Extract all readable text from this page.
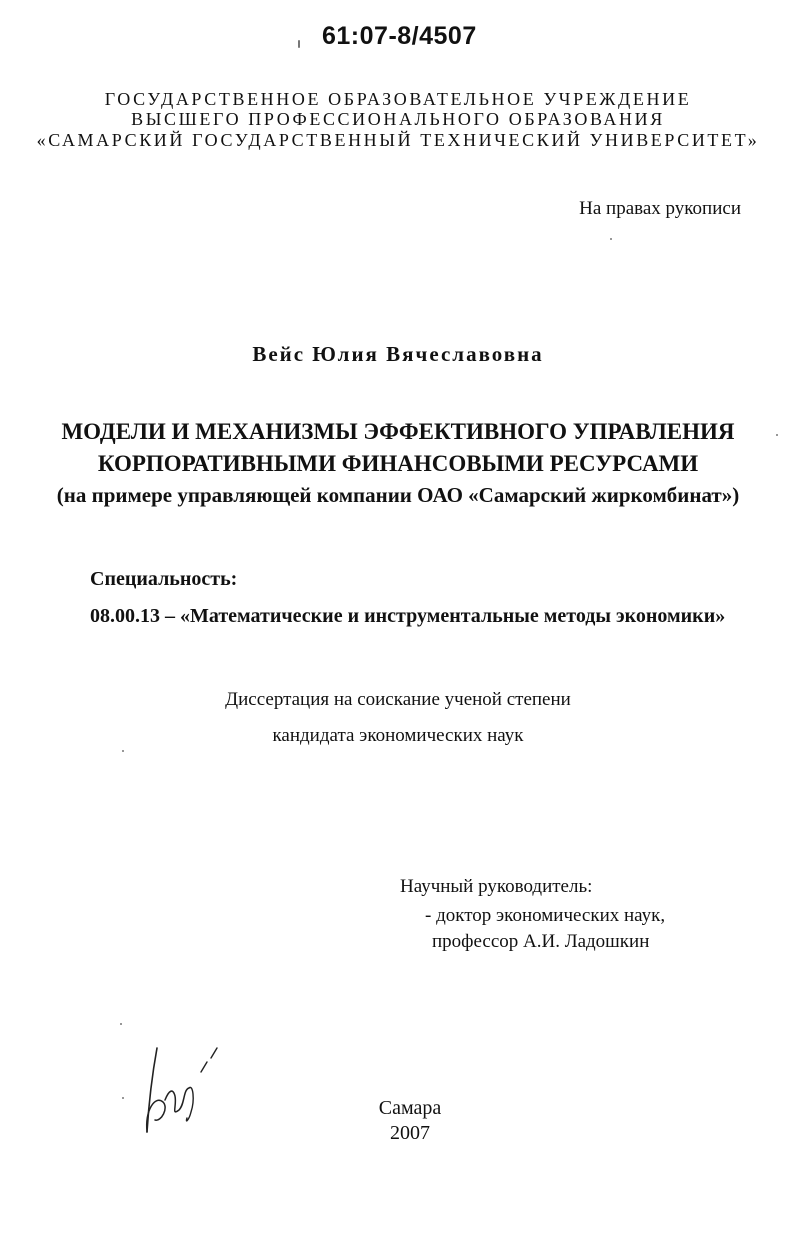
61:07-8/4507
ГОСУДАРСТВЕННОЕ ОБРАЗОВАТЕЛЬНОЕ УЧРЕЖДЕНИЕ
ВЫСШЕГО ПРОФЕССИОНАЛЬНОГО ОБРАЗОВАНИЯ
«САМАРСКИЙ ГОСУДАРСТВЕННЫЙ ТЕХНИЧЕСКИЙ УНИВЕРСИТЕТ»
На правах рукописи
Вейс Юлия Вячеславовна
МОДЕЛИ И МЕХАНИЗМЫ ЭФФЕКТИВНОГО УПРАВЛЕНИЯ
КОРПОРАТИВНЫМИ ФИНАНСОВЫМИ РЕСУРСАМИ
(на примере управляющей компании ОАО «Самарский жиркомбинат»)
Специальность:
08.00.13 – «Математические и инструментальные методы экономики»
Диссертация на соискание ученой степени
кандидата экономических наук
Научный руководитель:
- доктор экономических наук,
профессор А.И. Ладошкин
Самара
2007
